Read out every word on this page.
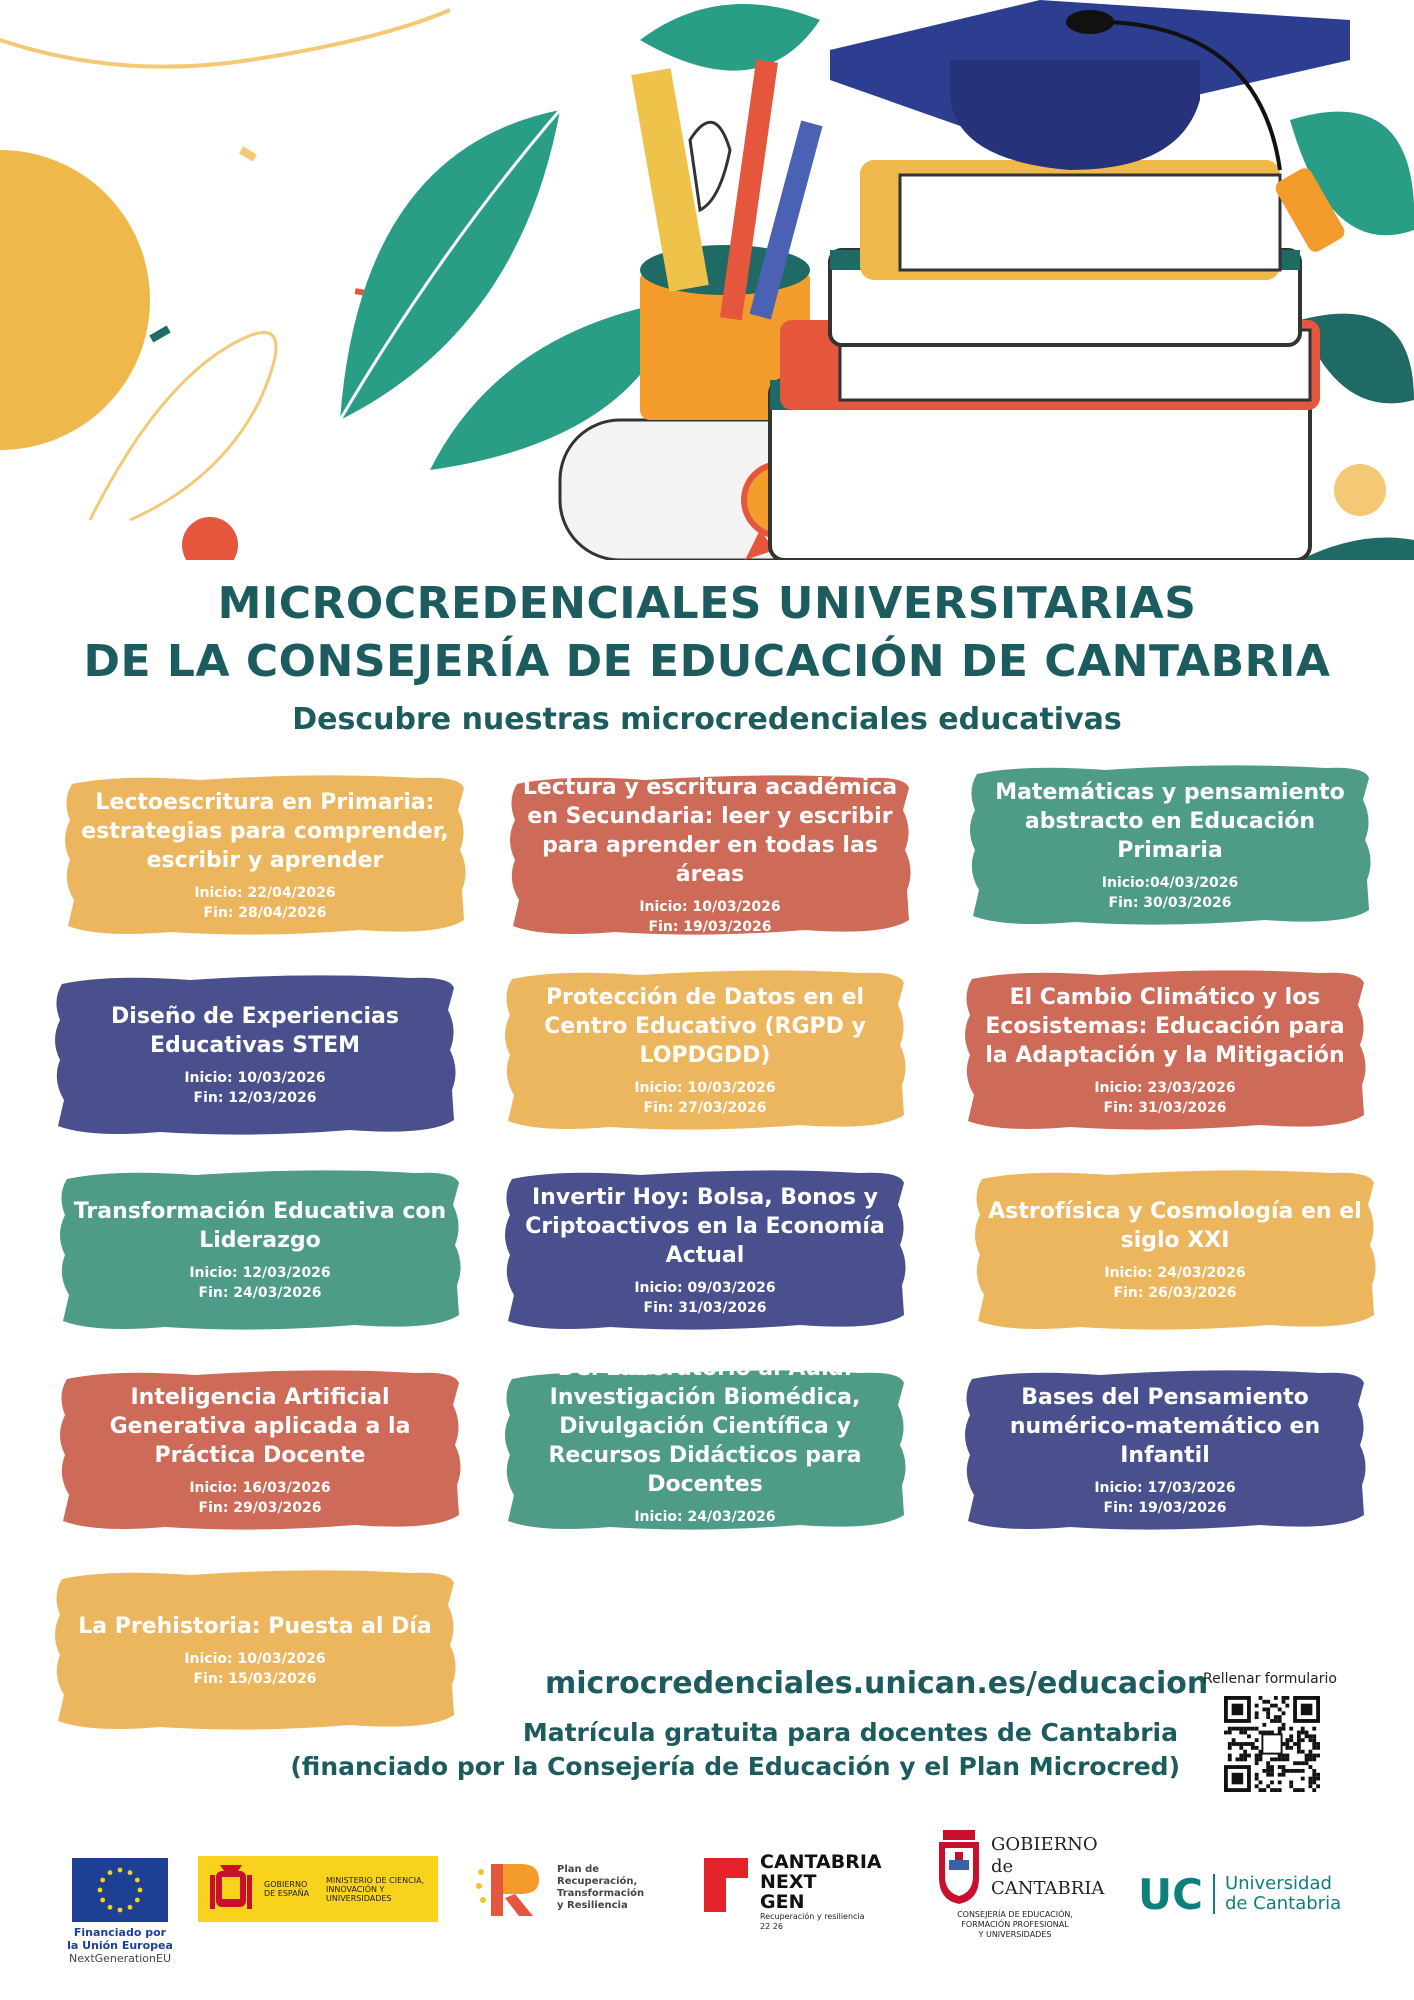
MICROCREDENCIALES UNIVERSITARIAS
DE LA CONSEJERÍA DE EDUCACIÓN DE CANTABRIA
Descubre nuestras microcredenciales educativas
Lectoescritura en Primaria: estrategias para comprender, escribir y aprender
Inicio: 22/04/2026
Fin: 28/04/2026
Lectura y escritura académica en Secundaria: leer y escribir para aprender en todas las áreas
Inicio: 10/03/2026
Fin: 19/03/2026
Matemáticas y pensamiento abstracto en Educación Primaria
Inicio:04/03/2026
Fin: 30/03/2026
Diseño de Experiencias Educativas STEM
Inicio: 10/03/2026
Fin: 12/03/2026
Protección de Datos en el Centro Educativo (RGPD y LOPDGDD)
Inicio: 10/03/2026
Fin: 27/03/2026
El Cambio Climático y los Ecosistemas: Educación para la Adaptación y la Mitigación
Inicio: 23/03/2026
Fin: 31/03/2026
Transformación Educativa con Liderazgo
Inicio: 12/03/2026
Fin: 24/03/2026
Invertir Hoy: Bolsa, Bonos y Criptoactivos en la Economía Actual
Inicio: 09/03/2026
Fin: 31/03/2026
Astrofísica y Cosmología en el siglo XXI
Inicio: 24/03/2026
Fin: 26/03/2026
Inteligencia Artificial Generativa aplicada a la Práctica Docente
Inicio: 16/03/2026
Fin: 29/03/2026
Del Laboratorio al Aula: Investigación Biomédica, Divulgación Científica y Recursos Didácticos para Docentes
Inicio: 24/03/2026
Fin: 27/03/2026
Bases del Pensamiento numérico-matemático en Infantil
Inicio: 17/03/2026
Fin: 19/03/2026
La Prehistoria: Puesta al Día
Inicio: 10/03/2026
Fin: 15/03/2026	microcredenciales.unican.es/educacion
Matrícula gratuita para docentes de Cantabria
(financiado por la Consejería de Educación y el Plan Microcred)
Rellenar formulario
Financiado por
la Unión Europea
NextGenerationEU
GOBIERNO DE ESPAÑA
MINISTERIO DE CIENCIA, INNOVACIÓN Y UNIVERSIDADES
Plan de
Recuperación,
Transformación
y Resiliencia
CANTABRIA
NEXT
GEN
Recuperación y resiliencia
22 26
GOBIERNO
de
CANTABRIA
CONSEJERÍA DE EDUCACIÓN,
FORMACIÓN PROFESIONAL
Y UNIVERSIDADES
UC Universidad
de Cantabria
